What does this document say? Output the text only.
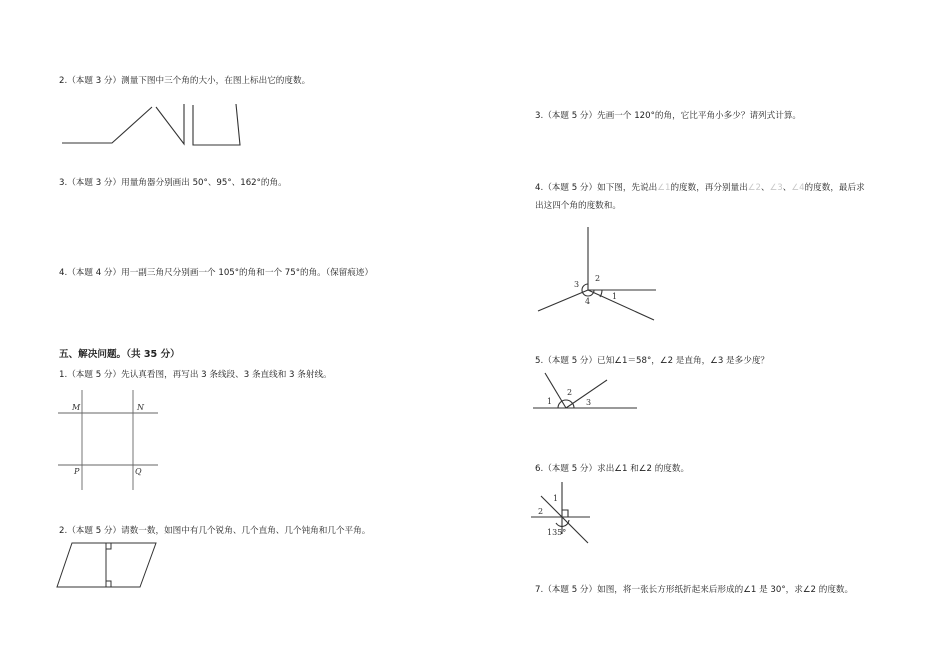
2.（本题 3 分）测量下图中三个角的大小，在图上标出它的度数。
3.（本题 3 分）用量角器分别画出 50°、95°、162°的角。
4.（本题 4 分）用一副三角尺分别画一个 105°的角和一个 75°的角。（保留痕迹）
五、解决问题。（共 35 分）
1.（本题 5 分）先认真看图，再写出 3 条线段、3 条直线和 3 条射线。
M	N
P	Q
2.（本题 5 分）请数一数，如图中有几个锐角、几个直角、几个钝角和几个平角。
3.（本题 5 分）先画一个 120°的角，它比平角小多少？请列式计算。
4.（本题 5 分）如下图，先说出∠1的度数，再分别量出∠2、∠3、∠4的度数，最后求
出这四个角的度数和。
1
2
3
4
5.（本题 5 分）已知∠1＝58°，∠2 是直角，∠3 是多少度？
1
2
3
6.（本题 5 分）求出∠1 和∠2 的度数。
1
2
135°
7.（本题 5 分）如图，将一张长方形纸折起来后形成的∠1 是 30°，求∠2 的度数。
